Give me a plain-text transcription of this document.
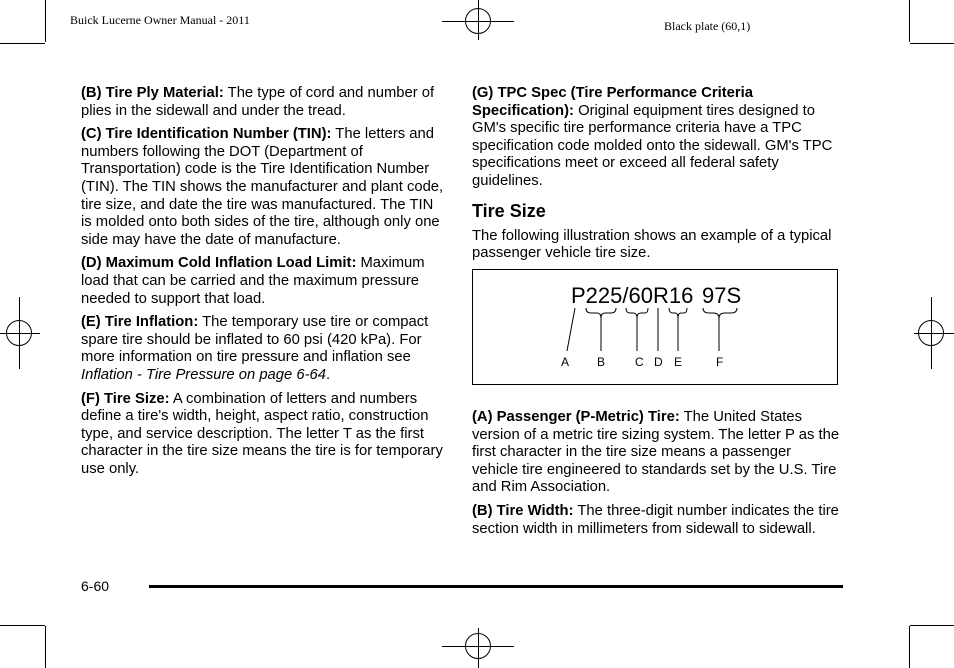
Buick Lucerne Owner Manual - 2011	Black plate (60,1)

(B) Tire Ply Material: The type of cord and number of plies in the sidewall and under the tread.

(C) Tire Identification Number (TIN): The letters and numbers following the DOT (Department of Transportation) code is the Tire Identification Number (TIN). The TIN shows the manufacturer and plant code, tire size, and date the tire was manufactured. The TIN is molded onto both sides of the tire, although only one side may have the date of manufacture.

(D) Maximum Cold Inflation Load Limit: Maximum load that can be carried and the maximum pressure needed to support that load.

(E) Tire Inflation: The temporary use tire or compact spare tire should be inflated to 60 psi (420 kPa). For more information on tire pressure and inflation see Inflation - Tire Pressure on page 6-64.

(F) Tire Size: A combination of letters and numbers define a tire's width, height, aspect ratio, construction type, and service description. The letter T as the first character in the tire size means the tire is for temporary use only.

(G) TPC Spec (Tire Performance Criteria Specification): Original equipment tires designed to GM's specific tire performance criteria have a TPC specification code molded onto the sidewall. GM's TPC specifications meet or exceed all federal safety guidelines.

Tire Size

The following illustration shows an example of a typical passenger vehicle tire size.

P225/60R16 97S
A B C D E	F

(A) Passenger (P-Metric) Tire: The United States version of a metric tire sizing system. The letter P as the first character in the tire size means a passenger vehicle tire engineered to standards set by the U.S. Tire and Rim Association.

(B) Tire Width: The three-digit number indicates the tire section width in millimeters from sidewall to sidewall.

6-60
